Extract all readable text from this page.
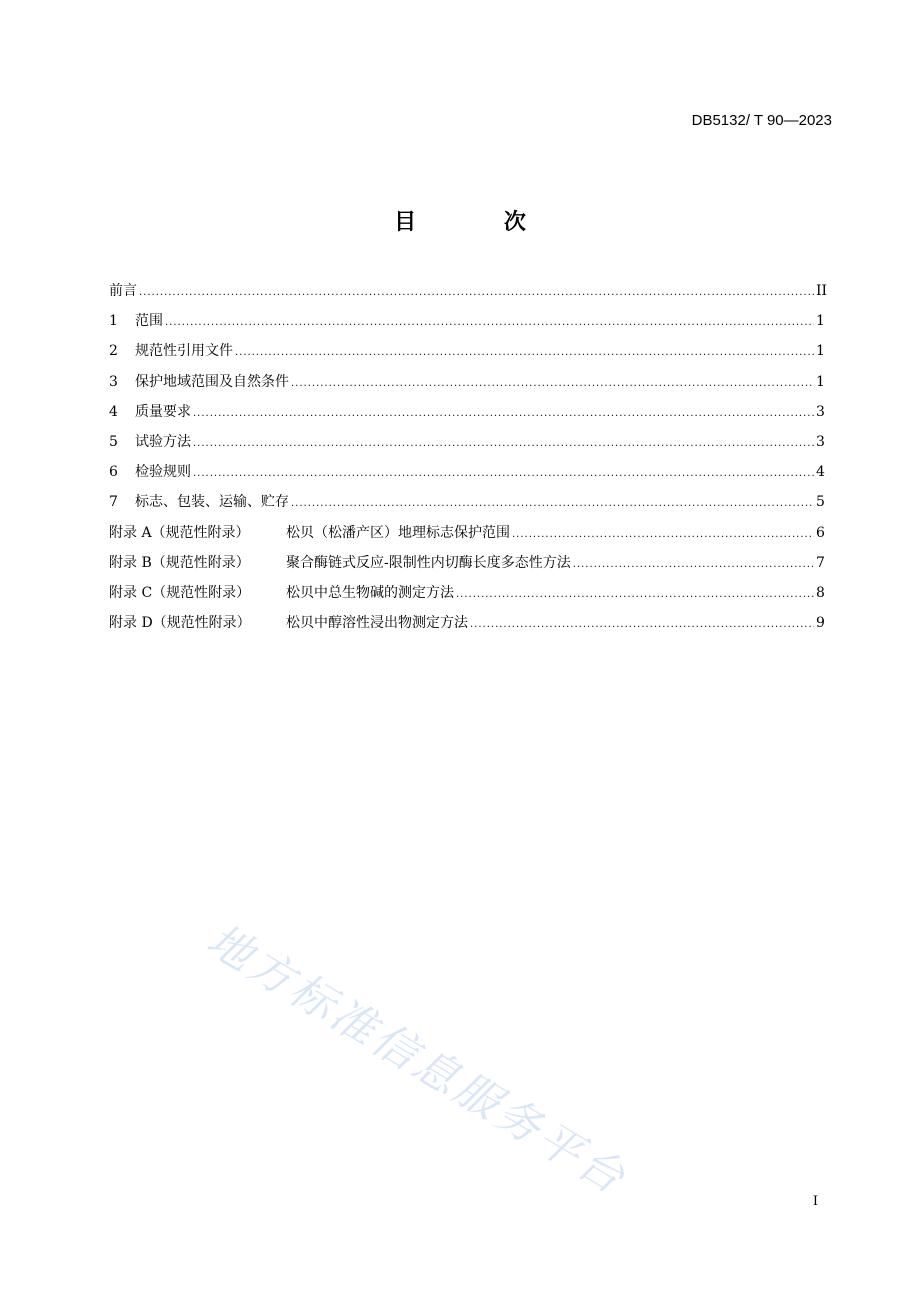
DB5132/ T 90—2023
目 次
前言 .....	II
1 范围 .....	1
2 规范性引用文件 .....	1
3 保护地域范围及自然条件 .....	1
4 质量要求 .....	3
5 试验方法 .....	3
6 检验规则 .....	4
7 标志、包装、运输、贮存 .....	5
附录 A（规范性附录）	松贝（松潘产区）地理标志保护范围 .....	6
附录 B（规范性附录）	聚合酶链式反应-限制性内切酶长度多态性方法 .....	7
附录 C（规范性附录）	松贝中总生物碱的测定方法 .....	8
附录 D（规范性附录）	松贝中醇溶性浸出物测定方法 .....	9
地方标准信息服务平台	I
